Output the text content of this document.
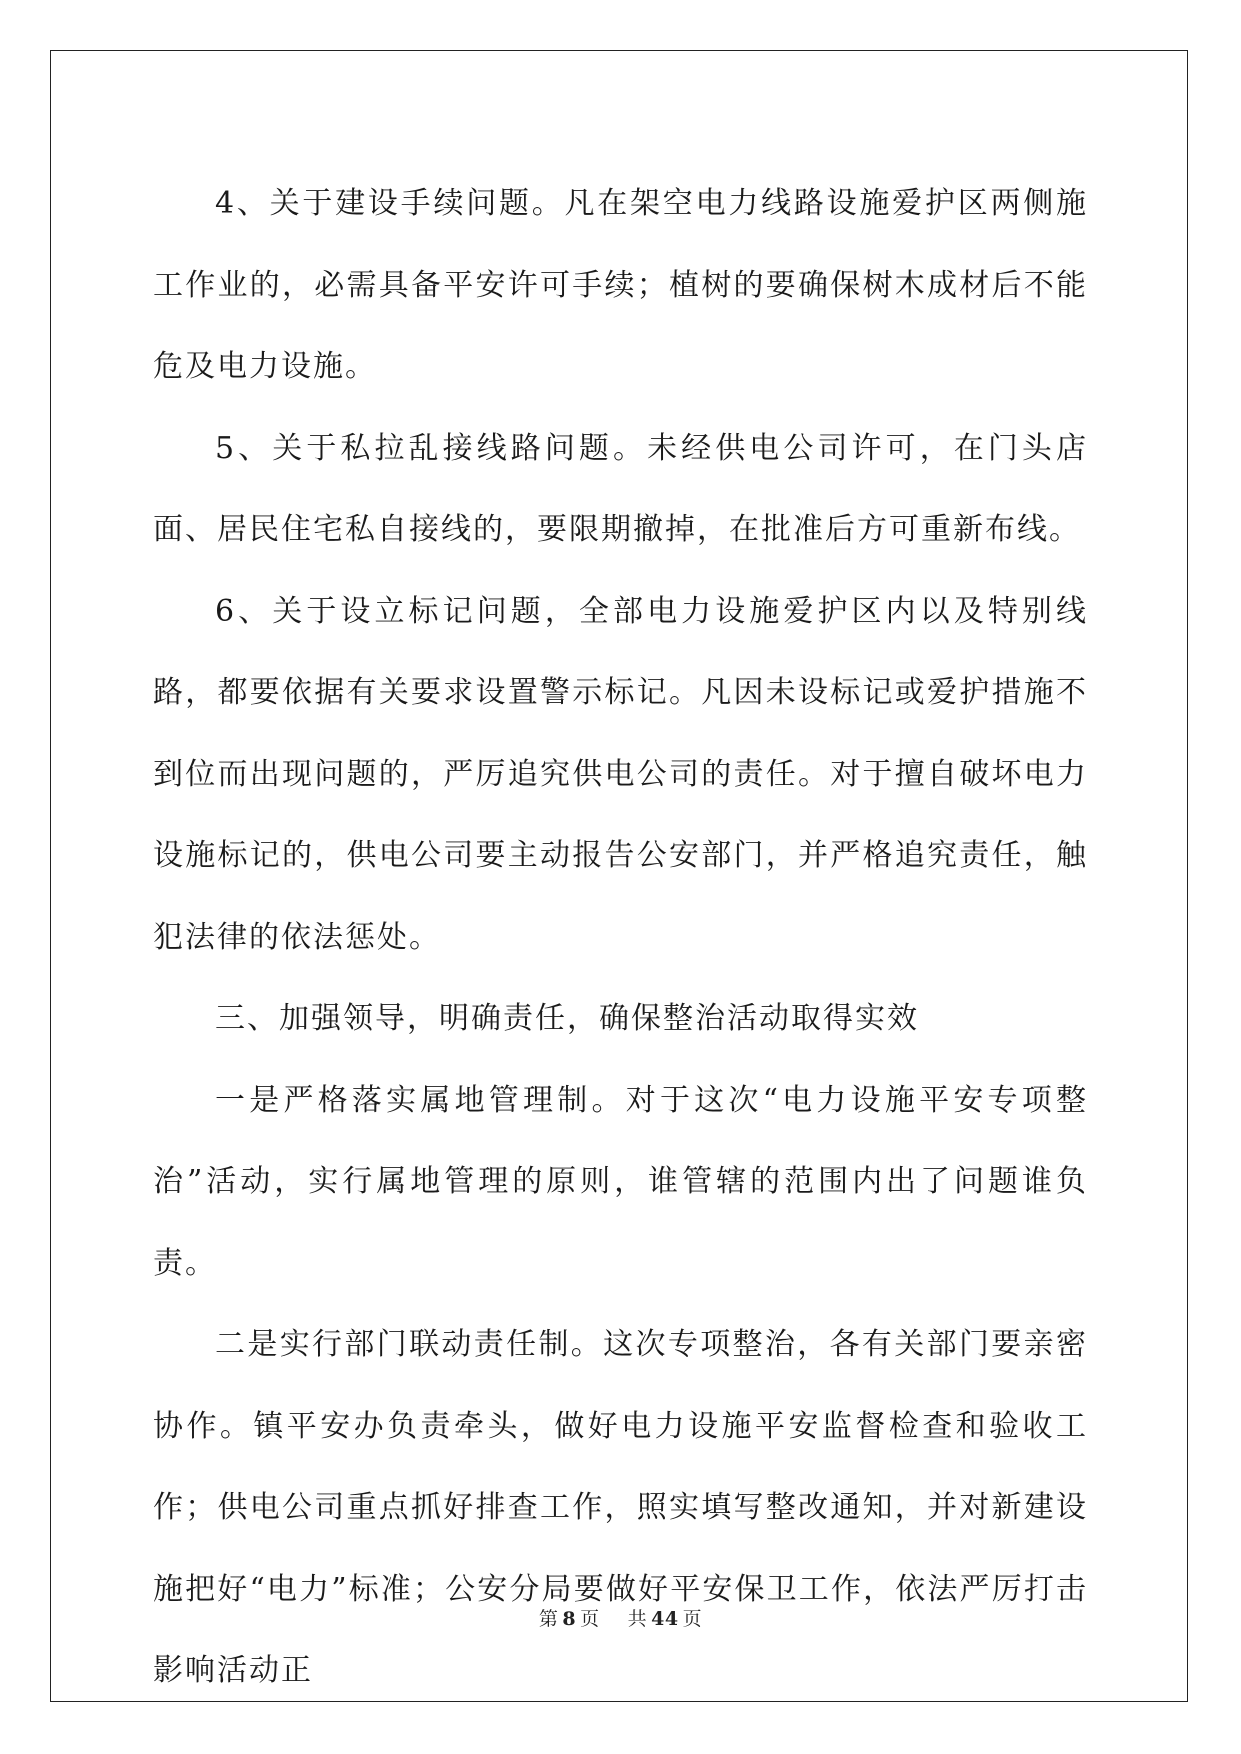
4、关于建设手续问题。凡在架空电力线路设施爱护区两侧施工作业的，必需具备平安许可手续；植树的要确保树木成材后不能危及电力设施。

5、关于私拉乱接线路问题。未经供电公司许可，在门头店面、居民住宅私自接线的，要限期撤掉，在批准后方可重新布线。

6、关于设立标记问题，全部电力设施爱护区内以及特别线路，都要依据有关要求设置警示标记。凡因未设标记或爱护措施不到位而出现问题的，严厉追究供电公司的责任。对于擅自破坏电力设施标记的，供电公司要主动报告公安部门，并严格追究责任，触犯法律的依法惩处。

三、加强领导，明确责任，确保整治活动取得实效

一是严格落实属地管理制。对于这次“电力设施平安专项整治”活动，实行属地管理的原则，谁管辖的范围内出了问题谁负责。

二是实行部门联动责任制。这次专项整治，各有关部门要亲密协作。镇平安办负责牵头，做好电力设施平安监督检查和验收工作；供电公司重点抓好排查工作，照实填写整改通知，并对新建设施把好“电力”标准；公安分局要做好平安保卫工作，依法严厉打击影响活动正

第 8 页 共 44 页
